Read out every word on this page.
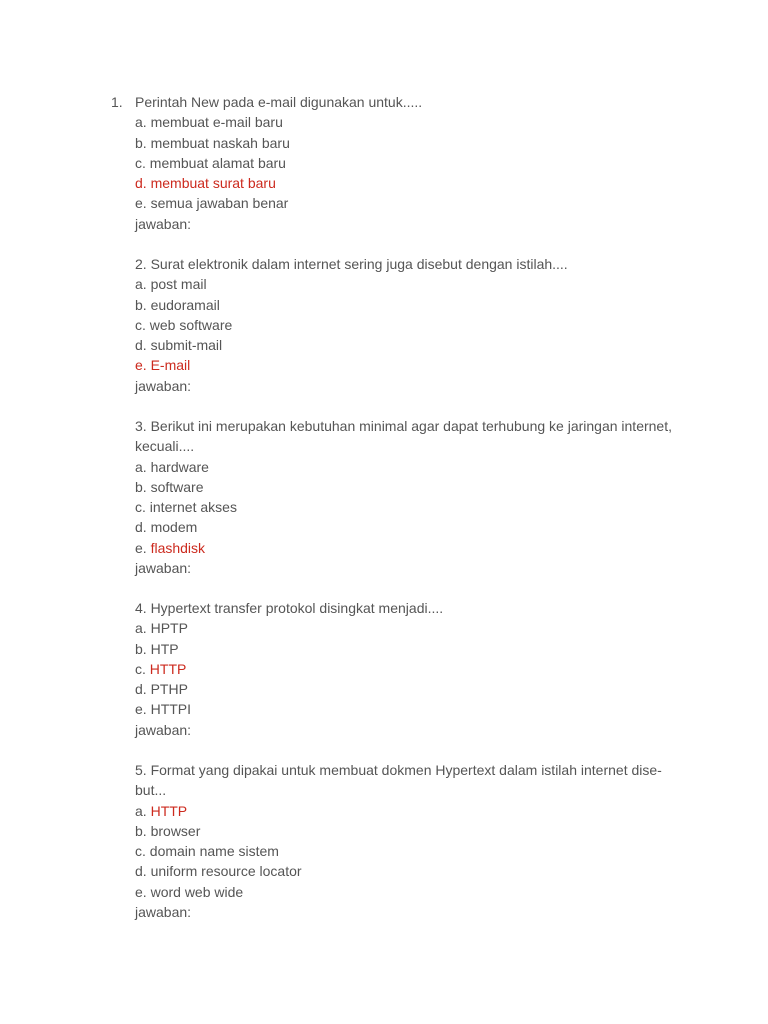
1. Perintah New pada e-mail digunakan untuk.....
a. membuat e-mail baru
b. membuat naskah baru
c. membuat alamat baru
d. membuat surat baru
e. semua jawaban benar
jawaban:
2. Surat elektronik dalam internet sering juga disebut dengan istilah....
a. post mail
b. eudoramail
c. web software
d. submit-mail
e. E-mail
jawaban:
3. Berikut ini merupakan kebutuhan minimal agar dapat terhubung ke jaringan internet, kecuali....
a. hardware
b. software
c. internet akses
d. modem
e. flashdisk
jawaban:
4. Hypertext transfer protokol disingkat menjadi....
a. HPTP
b. HTP
c. HTTP
d. PTHP
e. HTTPI
jawaban:
5. Format yang dipakai untuk membuat dokmen Hypertext dalam istilah internet dise-but...
a. HTTP
b. browser
c. domain name sistem
d. uniform resource locator
e. word web wide
jawaban:
